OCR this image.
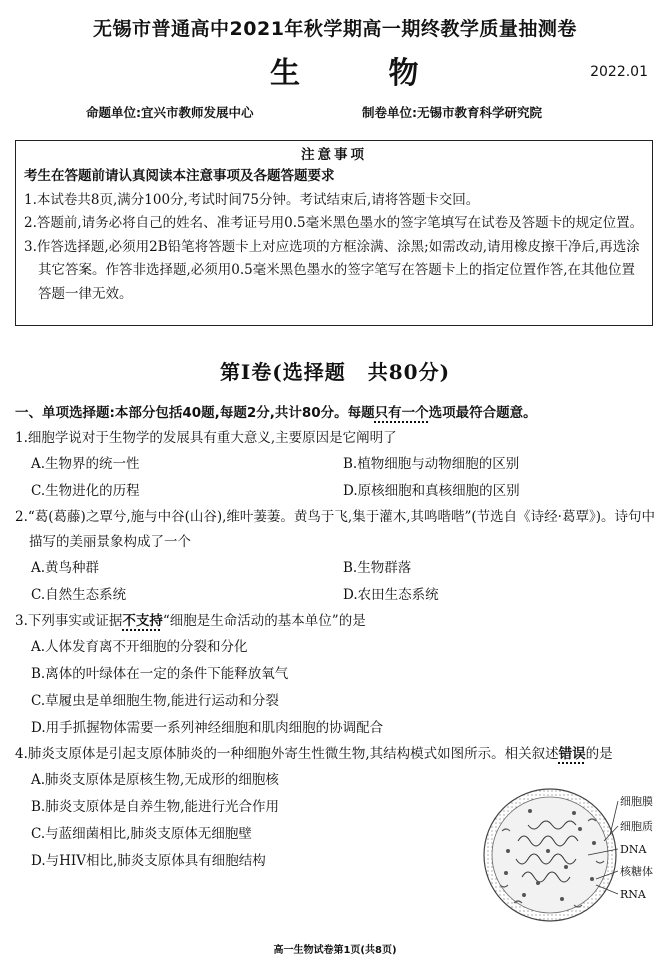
无锡市普通高中2021年秋学期高一期终教学质量抽测卷
生 物	2022.01
命题单位:宜兴市教师发展中心	制卷单位:无锡市教育科学研究院
注意事项
考生在答题前请认真阅读本注意事项及各题答题要求
1.本试卷共8页,满分100分,考试时间75分钟。考试结束后,请将答题卡交回。
2.答题前,请务必将自己的姓名、准考证号用0.5毫米黑色墨水的签字笔填写在试卷及答题卡的规定位置。
3.作答选择题,必须用2B铅笔将答题卡上对应选项的方框涂满、涂黑;如需改动,请用橡皮擦干净后,再选涂其它答案。作答非选择题,必须用0.5毫米黑色墨水的签字笔写在答题卡上的指定位置作答,在其他位置答题一律无效。
第Ⅰ卷(选择题 共80分)
一、单项选择题:本部分包括40题,每题2分,共计80分。每题只有一个选项最符合题意。
1.细胞学说对于生物学的发展具有重大意义,主要原因是它阐明了
A.生物界的统一性	B.植物细胞与动物细胞的区别
C.生物进化的历程	D.原核细胞和真核细胞的区别
2.“葛(葛藤)之覃兮,施与中谷(山谷),维叶萋萋。黄鸟于飞,集于灌木,其鸣喈喈”(节选自《诗经·葛覃》)。诗句中描写的美丽景象构成了一个
A.黄鸟种群	B.生物群落
C.自然生态系统	D.农田生态系统
3.下列事实或证据不支持“细胞是生命活动的基本单位”的是
A.人体发育离不开细胞的分裂和分化
B.离体的叶绿体在一定的条件下能释放氧气
C.草履虫是单细胞生物,能进行运动和分裂
D.用手抓握物体需要一系列神经细胞和肌肉细胞的协调配合
4.肺炎支原体是引起支原体肺炎的一种细胞外寄生性微生物,其结构模式如图所示。相关叙述错误的是
A.肺炎支原体是原核生物,无成形的细胞核
B.肺炎支原体是自养生物,能进行光合作用
C.与蓝细菌相比,肺炎支原体无细胞壁
D.与HIV相比,肺炎支原体具有细胞结构
细胞膜
细胞质
DNA
核糖体
RNA
高一生物试卷第1页(共8页)
